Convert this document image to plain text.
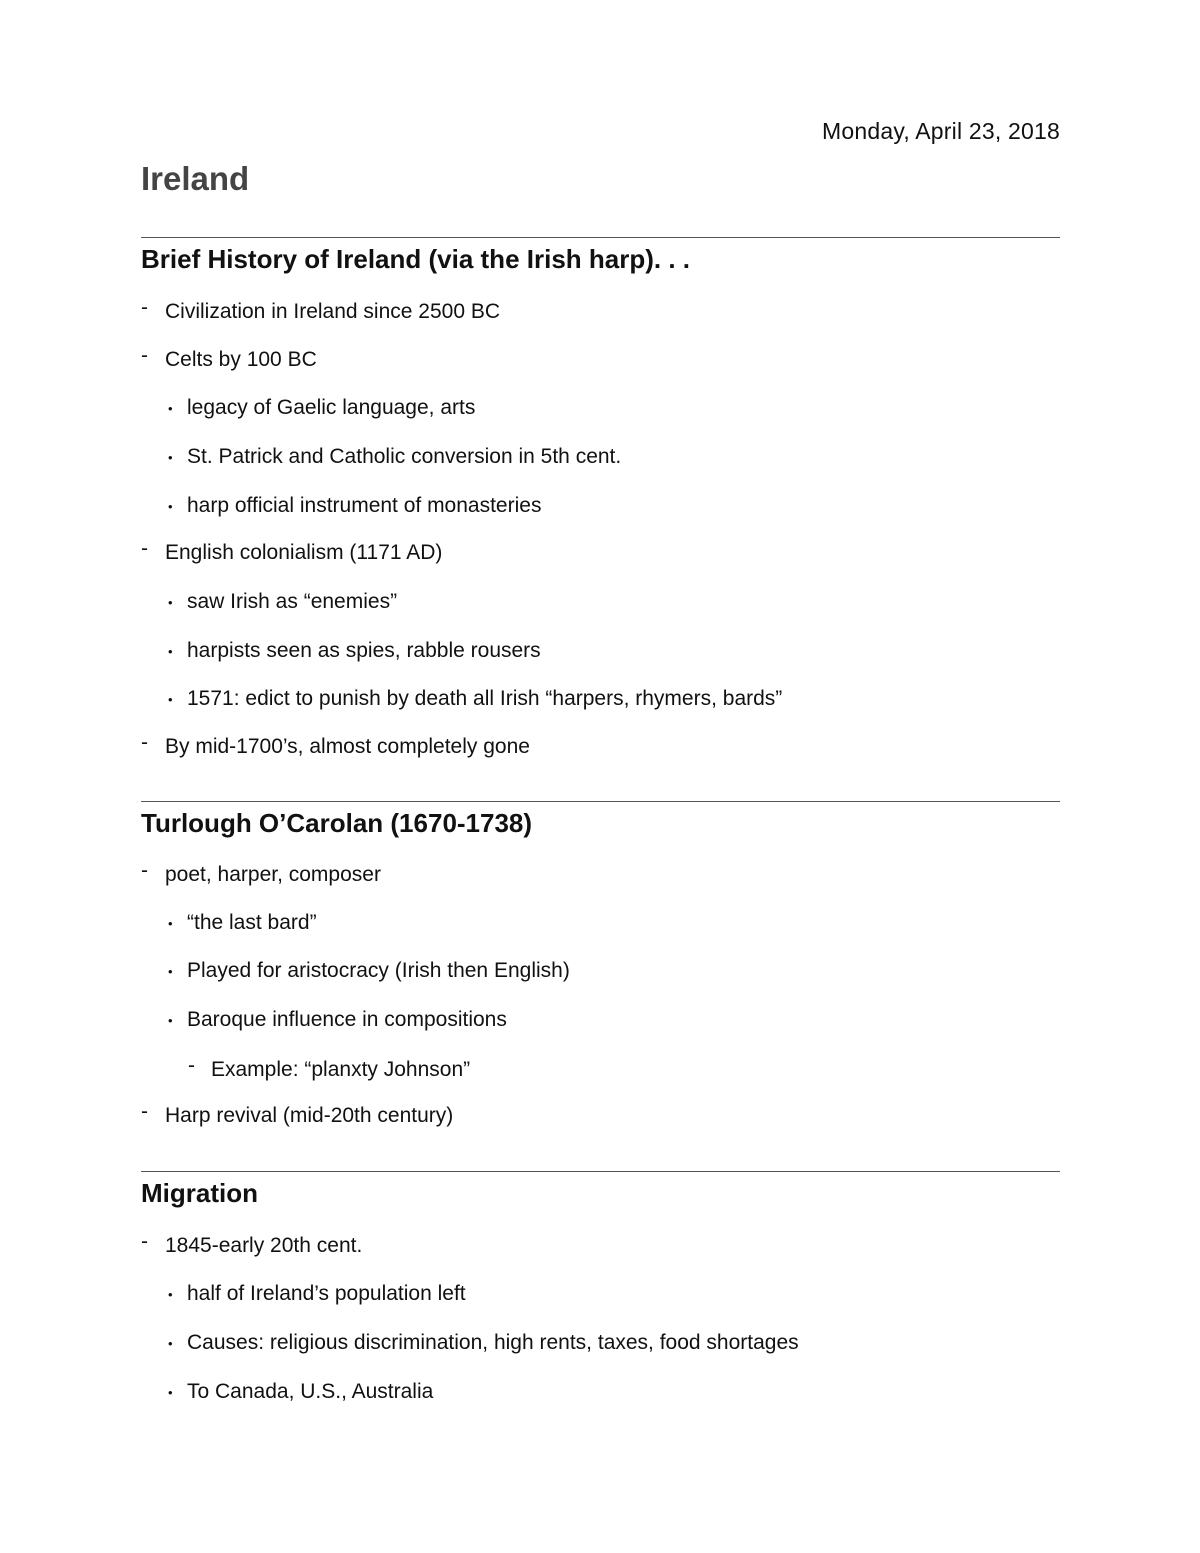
Monday, April 23, 2018
Ireland
Brief History of Ireland (via the Irish harp). . .
- Civilization in Ireland since 2500 BC
- Celts by 100 BC
• legacy of Gaelic language, arts
• St. Patrick and Catholic conversion in 5th cent.
• harp official instrument of monasteries
- English colonialism (1171 AD)
• saw Irish as “enemies”
• harpists seen as spies, rabble rousers
• 1571: edict to punish by death all Irish “harpers, rhymers, bards”
- By mid-1700’s, almost completely gone
Turlough O’Carolan (1670-1738)
- poet, harper, composer
• “the last bard”
• Played for aristocracy (Irish then English)
• Baroque influence in compositions
- Example: “planxty Johnson”
- Harp revival (mid-20th century)
Migration
- 1845-early 20th cent.
• half of Ireland’s population left
• Causes: religious discrimination, high rents, taxes, food shortages
• To Canada, U.S., Australia
